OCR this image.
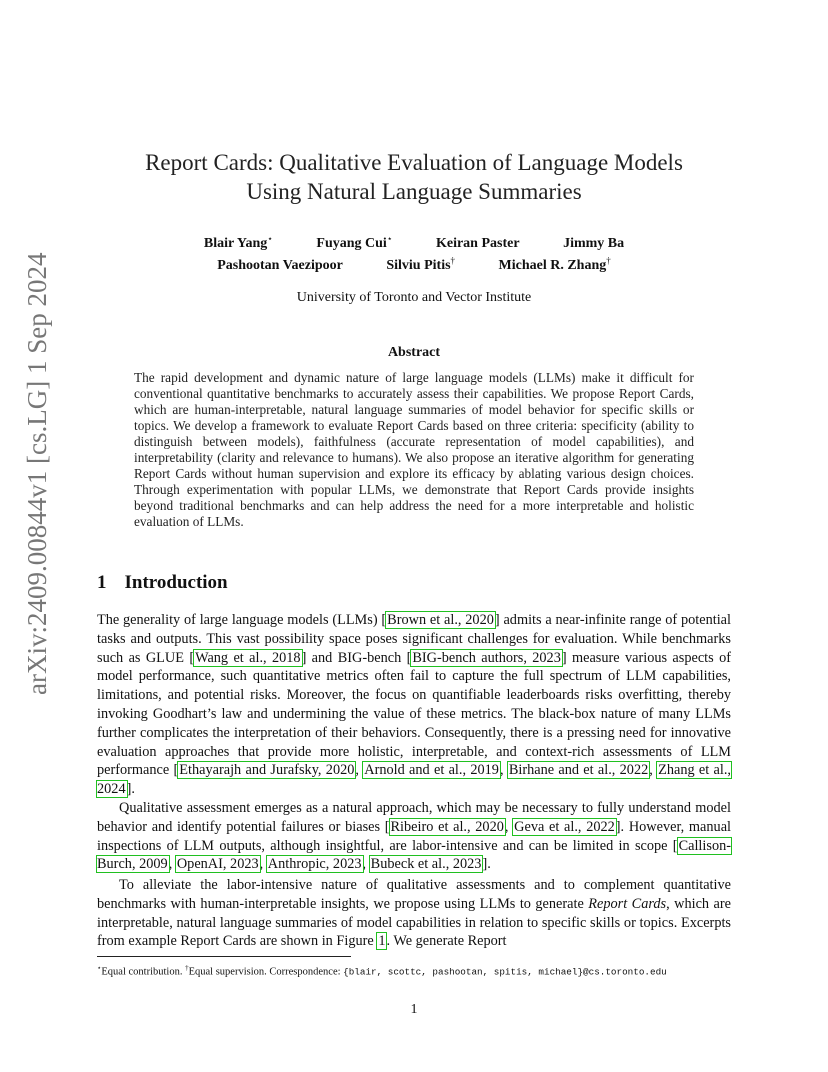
arXiv:2409.00844v1 [cs.LG] 1 Sep 2024
Report Cards: Qualitative Evaluation of Language Models
Using Natural Language Summaries
Blair Yang⋆	Fuyang Cui⋆	Keiran Paster	Jimmy Ba
Pashootan Vaezipoor	Silviu Pitis†	Michael R. Zhang†
University of Toronto and Vector Institute
Abstract
The rapid development and dynamic nature of large language models (LLMs) make it difficult for conventional quantitative benchmarks to accurately assess their capabilities. We propose Report Cards, which are human-interpretable, natural language summaries of model behavior for specific skills or topics. We develop a framework to evaluate Report Cards based on three criteria: specificity (ability to distinguish between models), faithfulness (accurate representation of model capabilities), and interpretability (clarity and relevance to humans). We also propose an iterative algorithm for generating Report Cards without human supervision and explore its efficacy by ablating various design choices. Through experimentation with popular LLMs, we demonstrate that Report Cards provide insights beyond traditional benchmarks and can help address the need for a more interpretable and holistic evaluation of LLMs.
1 Introduction
The generality of large language models (LLMs) [Brown et al., 2020] admits a near-infinite range of potential tasks and outputs. This vast possibility space poses significant challenges for evaluation. While benchmarks such as GLUE [Wang et al., 2018] and BIG-bench [BIG-bench authors, 2023] measure various aspects of model performance, such quantitative metrics often fail to capture the full spectrum of LLM capabilities, limitations, and potential risks. Moreover, the focus on quantifiable leaderboards risks overfitting, thereby invoking Goodhart’s law and undermining the value of these metrics. The black-box nature of many LLMs further complicates the interpretation of their behaviors. Consequently, there is a pressing need for innovative evaluation approaches that provide more holistic, interpretable, and context-rich assessments of LLM performance [Ethayarajh and Jurafsky, 2020, Arnold and et al., 2019, Birhane and et al., 2022, Zhang et al., 2024].
Qualitative assessment emerges as a natural approach, which may be necessary to fully understand model behavior and identify potential failures or biases [Ribeiro et al., 2020, Geva et al., 2022]. However, manual inspections of LLM outputs, although insightful, are labor-intensive and can be limited in scope [Callison-Burch, 2009, OpenAI, 2023, Anthropic, 2023, Bubeck et al., 2023].
To alleviate the labor-intensive nature of qualitative assessments and to complement quantitative benchmarks with human-interpretable insights, we propose using LLMs to generate Report Cards, which are interpretable, natural language summaries of model capabilities in relation to specific skills or topics. Excerpts from example Report Cards are shown in Figure 1. We generate Report
⋆Equal contribution. †Equal supervision. Correspondence: {blair, scottc, pashootan, spitis, michael}@cs.toronto.edu
1
